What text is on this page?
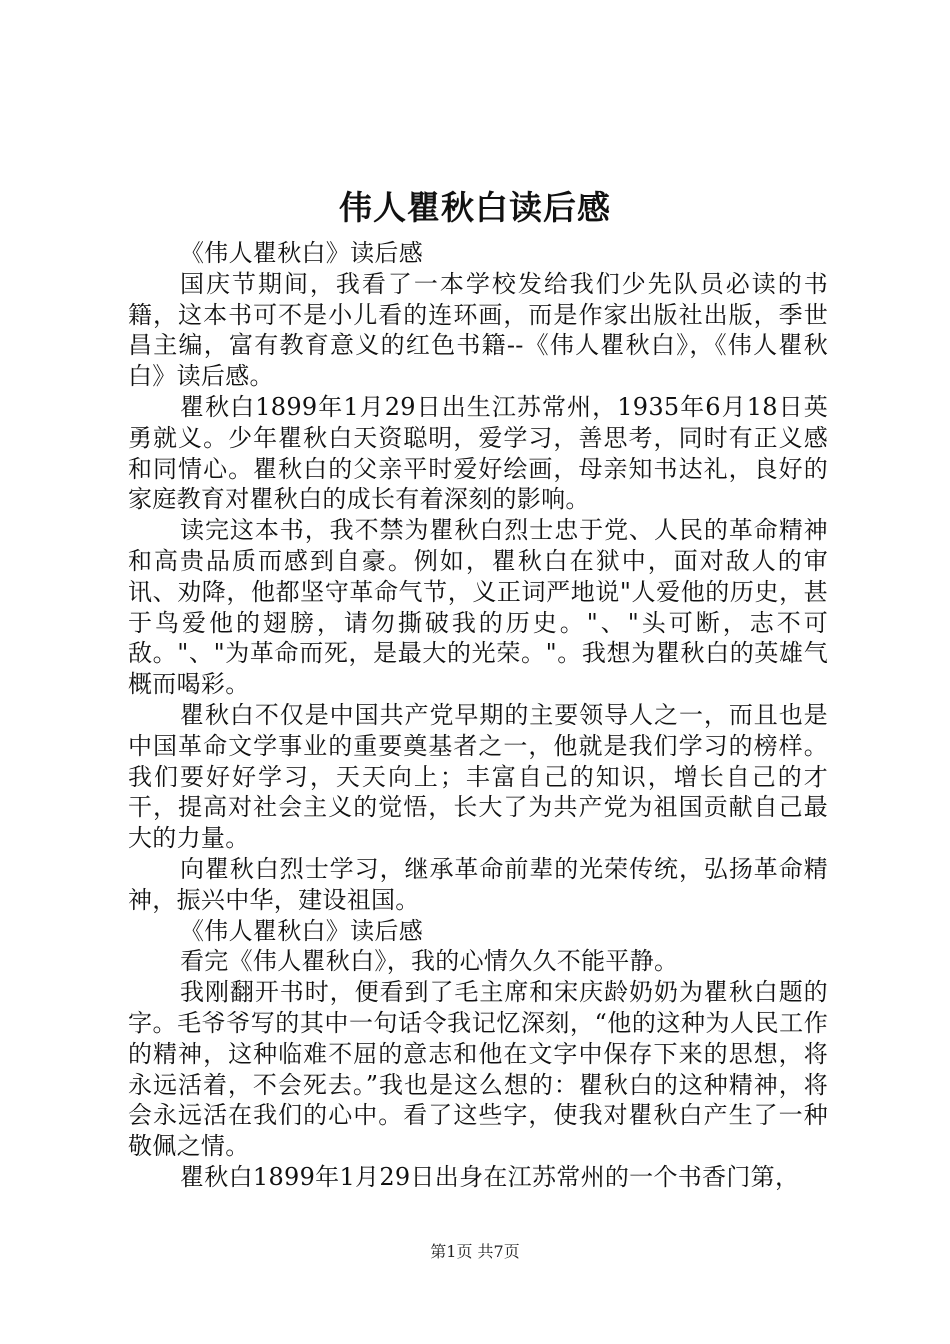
伟人瞿秋白读后感

《伟人瞿秋白》读后感

国庆节期间，我看了一本学校发给我们少先队员必读的书籍，这本书可不是小儿看的连环画，而是作家出版社出版，季世昌主编，富有教育意义的红色书籍--《伟人瞿秋白》，《伟人瞿秋白》读后感。

瞿秋白1899年1月29日出生江苏常州，1935年6月18日英勇就义。少年瞿秋白天资聪明，爱学习，善思考，同时有正义感和同情心。瞿秋白的父亲平时爱好绘画，母亲知书达礼，良好的家庭教育对瞿秋白的成长有着深刻的影响。

读完这本书，我不禁为瞿秋白烈士忠于党、人民的革命精神和高贵品质而感到自豪。例如，瞿秋白在狱中，面对敌人的审讯、劝降，他都坚守革命气节，义正词严地说"人爱他的历史，甚于鸟爱他的翅膀，请勿撕破我的历史。"、"头可断，志不可敌。"、"为革命而死，是最大的光荣。"。我想为瞿秋白的英雄气概而喝彩。

瞿秋白不仅是中国共产党早期的主要领导人之一，而且也是中国革命文学事业的重要奠基者之一，他就是我们学习的榜样。我们要好好学习，天天向上；丰富自己的知识，增长自己的才干，提高对社会主义的觉悟，长大了为共产党为祖国贡献自己最大的力量。

向瞿秋白烈士学习，继承革命前辈的光荣传统，弘扬革命精神，振兴中华，建设祖国。

《伟人瞿秋白》读后感

看完《伟人瞿秋白》，我的心情久久不能平静。

我刚翻开书时，便看到了毛主席和宋庆龄奶奶为瞿秋白题的字。毛爷爷写的其中一句话令我记忆深刻，“他的这种为人民工作的精神，这种临难不屈的意志和他在文字中保存下来的思想，将永远活着，不会死去。”我也是这么想的：瞿秋白的这种精神，将会永远活在我们的心中。看了这些字，使我对瞿秋白产生了一种敬佩之情。

瞿秋白1899年1月29日出身在江苏常州的一个书香门第，

第1页 共7页
